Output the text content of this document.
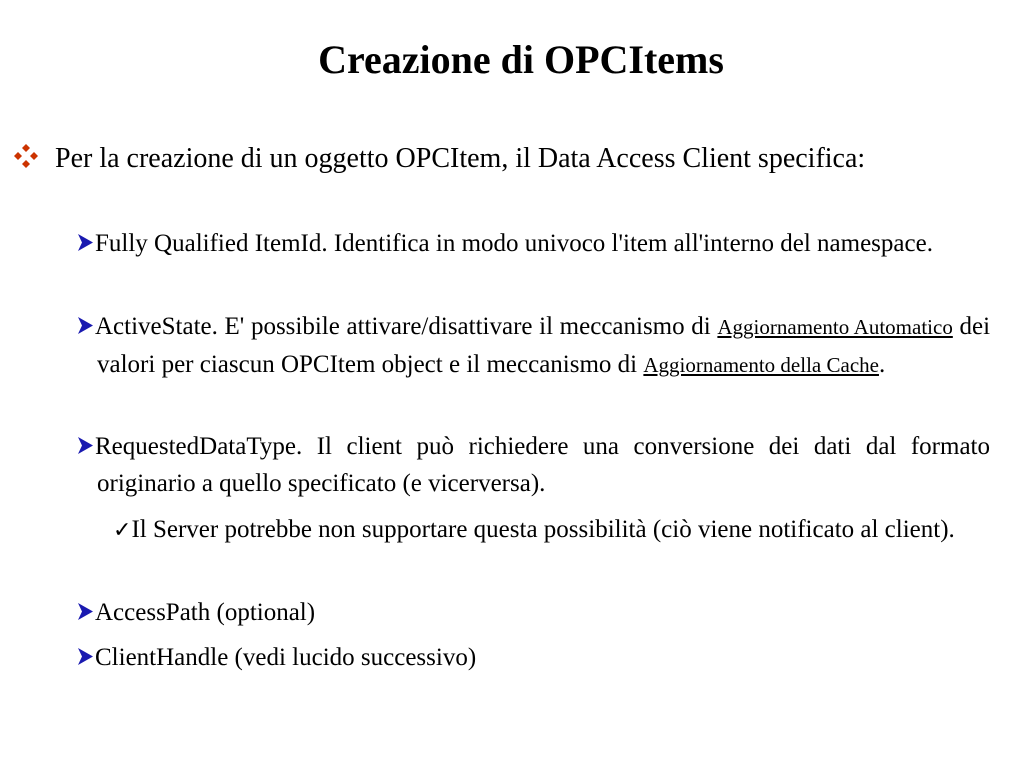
Creazione di OPCItems

Per la creazione di un oggetto OPCItem, il Data Access Client specifica:

Fully Qualified ItemId. Identifica in modo univoco l'item all'interno del namespace.

ActiveState. E' possibile attivare/disattivare il meccanismo di Aggiornamento Automatico dei valori per ciascun OPCItem object e il meccanismo di Aggiornamento della Cache.

RequestedDataType. Il client può richiedere una conversione dei dati dal formato originario a quello specificato (e vicerversa).

✓Il Server potrebbe non supportare questa possibilità (ciò viene notificato al client).

AccessPath (optional)

ClientHandle (vedi lucido successivo)
